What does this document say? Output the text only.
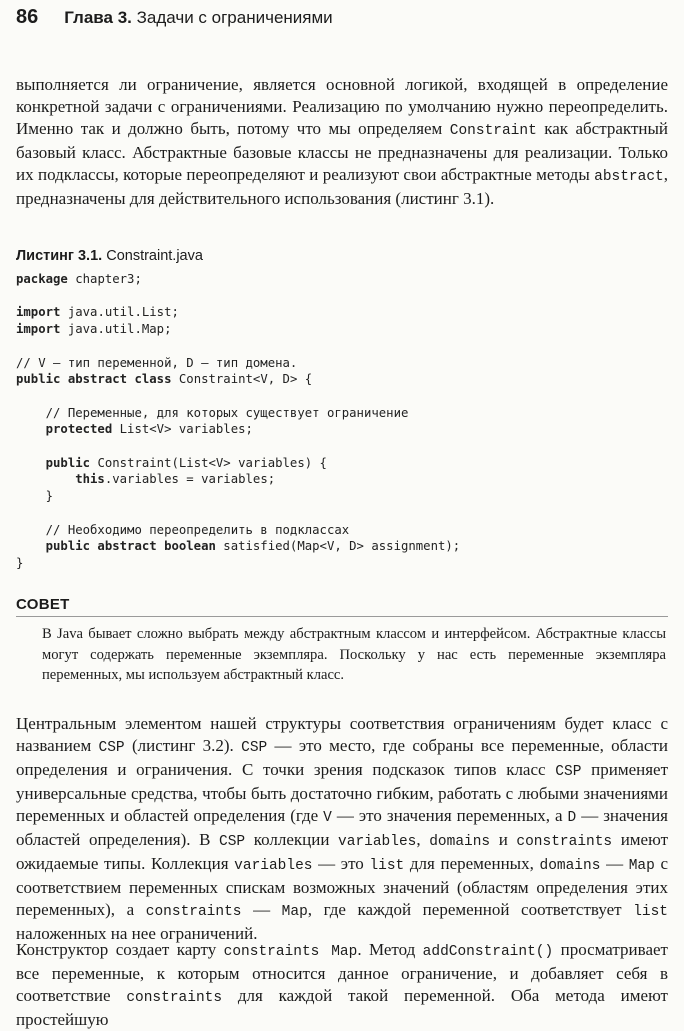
86 Глава 3. Задачи с ограничениями

выполняется ли ограничение, является основной логикой, входящей в определение конкретной задачи с ограничениями. Реализацию по умолчанию нужно переопределить. Именно так и должно быть, потому что мы определяем Constraint как абстрактный базовый класс. Абстрактные базовые классы не предназначены для реализации. Только их подклассы, которые переопределяют и реализуют свои абстрактные методы abstract, предназначены для действительного использования (листинг 3.1).

Листинг 3.1. Constraint.java
package chapter3;

import java.util.List;
import java.util.Map;

// V — тип переменной, D — тип домена.
public abstract class Constraint<V, D> {

// Переменные, для которых существует ограничение
protected List<V> variables;

public Constraint(List<V> variables) {
this.variables = variables;
}

// Необходимо переопределить в подклассах
public abstract boolean satisfied(Map<V, D> assignment);
}
СОВЕТ

В Java бывает сложно выбрать между абстрактным классом и интерфейсом. Абстрактные классы могут содержать переменные экземпляра. Поскольку у нас есть переменные экземпляра переменных, мы используем абстрактный класс.

Центральным элементом нашей структуры соответствия ограничениям будет класс с названием CSP (листинг 3.2). CSP — это место, где собраны все переменные, области определения и ограничения. С точки зрения подсказок типов класс CSP применяет универсальные средства, чтобы быть достаточно гибким, работать с любыми значениями переменных и областей определения (где V — это значения переменных, а D — значения областей определения). В CSP коллекции variables, domains и constraints имеют ожидаемые типы. Коллекция variables — это list для переменных, domains — Map с соответствием переменных спискам возможных значений (областям определения этих переменных), а constraints — Map, где каждой переменной соответствует list наложенных на нее ограничений.

Конструктор создает карту constraints Map. Метод addConstraint() просматривает все переменные, к которым относится данное ограничение, и добавляет себя в соответствие constraints для каждой такой переменной. Оба метода имеют простейшую
